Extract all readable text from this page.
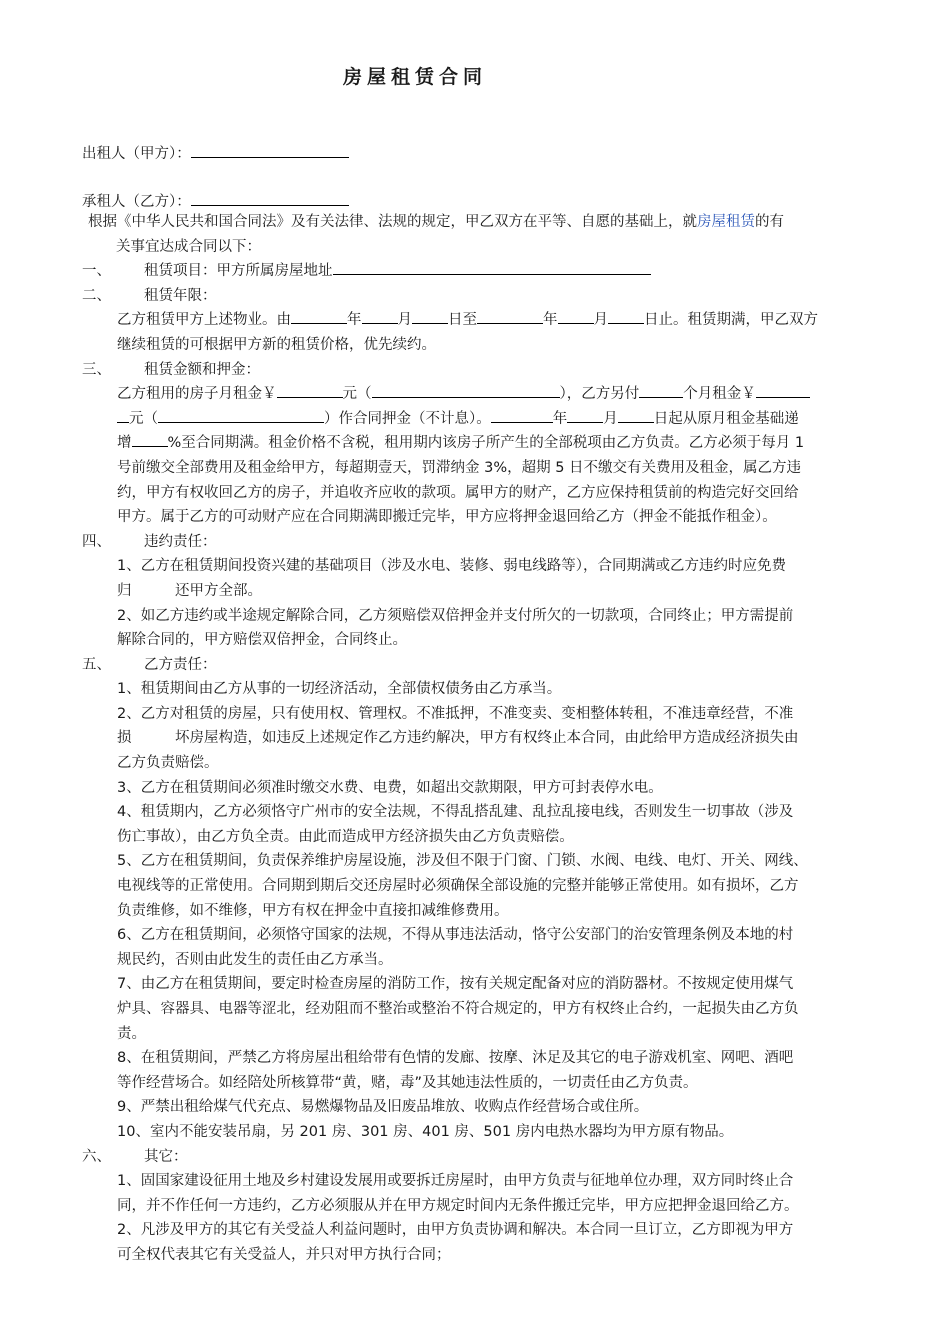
房屋租赁合同
出租人（甲方）：
承租人（乙方）：
根据《中华人民共和国合同法》及有关法律、法规的规定，甲乙双方在平等、自愿的基础上，就房屋租赁的有
关事宜达成合同以下：
一、	租赁项目：甲方所属房屋地址
二、	租赁年限：
乙方租赁甲方上述物业。由	年 月 日至	年 月 日止。租赁期满，甲乙双方
继续租赁的可根据甲方新的租赁价格，优先续约。
三、	租赁金额和押金：
乙方租用的房子月租金￥	元（	），乙方另付	个月租金￥
元（	）作合同押金（不计息）。	年 月 日起从原月租金基础递
增 %至合同期满。租金价格不含税，租用期内该房子所产生的全部税项由乙方负责。乙方必须于每月 1
号前缴交全部费用及租金给甲方，每超期壹天，罚滞纳金 3%，超期 5 日不缴交有关费用及租金，属乙方违
约，甲方有权收回乙方的房子，并追收齐应收的款项。属甲方的财产，乙方应保持租赁前的构造完好交回给
甲方。属于乙方的可动财产应在合同期满即搬迁完毕，甲方应将押金退回给乙方（押金不能抵作租金）。
四、	违约责任：
1、乙方在租赁期间投资兴建的基础项目（涉及水电、装修、弱电线路等），合同期满或乙方违约时应免费
归　　　还甲方全部。
2、如乙方违约或半途规定解除合同，乙方须赔偿双倍押金并支付所欠的一切款项，合同终止；甲方需提前
解除合同的，甲方赔偿双倍押金，合同终止。
五、	乙方责任：
1、租赁期间由乙方从事的一切经济活动，全部债权债务由乙方承当。
2、乙方对租赁的房屋，只有使用权、管理权。不准抵押，不准变卖、变相整体转租，不准违章经营，不准
损　　　坏房屋构造，如违反上述规定作乙方违约解决，甲方有权终止本合同，由此给甲方造成经济损失由
乙方负责赔偿。
3、乙方在租赁期间必须准时缴交水费、电费，如超出交款期限，甲方可封表停水电。
4、租赁期内，乙方必须恪守广州市的安全法规，不得乱搭乱建、乱拉乱接电线，否则发生一切事故（涉及
伤亡事故），由乙方负全责。由此而造成甲方经济损失由乙方负责赔偿。
5、乙方在租赁期间，负责保养维护房屋设施，涉及但不限于门窗、门锁、水阀、电线、电灯、开关、网线、
电视线等的正常使用。合同期到期后交还房屋时必须确保全部设施的完整并能够正常使用。如有损坏，乙方
负责维修，如不维修，甲方有权在押金中直接扣减维修费用。
6、乙方在租赁期间，必须恪守国家的法规，不得从事违法活动，恪守公安部门的治安管理条例及本地的村
规民约，否则由此发生的责任由乙方承当。
7、由乙方在租赁期间，要定时检查房屋的消防工作，按有关规定配备对应的消防器材。不按规定使用煤气
炉具、容器具、电器等涩北，经劝阻而不整治或整治不符合规定的，甲方有权终止合约，一起损失由乙方负
责。
8、在租赁期间，严禁乙方将房屋出租给带有色情的发廊、按摩、沐足及其它的电子游戏机室、网吧、酒吧
等作经营场合。如经陪处所核算带“黄，赌，毒”及其她违法性质的，一切责任由乙方负责。
9、严禁出租给煤气代充点、易燃爆物品及旧废品堆放、收购点作经营场合或住所。
10、室内不能安装吊扇，另 201 房、301 房、401 房、501 房内电热水器均为甲方原有物品。
六、	其它：
1、固国家建设征用土地及乡村建设发展用或要拆迁房屋时，由甲方负责与征地单位办理，双方同时终止合
同，并不作任何一方违约，乙方必须服从并在甲方规定时间内无条件搬迁完毕，甲方应把押金退回给乙方。
2、凡涉及甲方的其它有关受益人利益问题时，由甲方负责协调和解决。本合同一旦订立，乙方即视为甲方
可全权代表其它有关受益人，并只对甲方执行合同；
